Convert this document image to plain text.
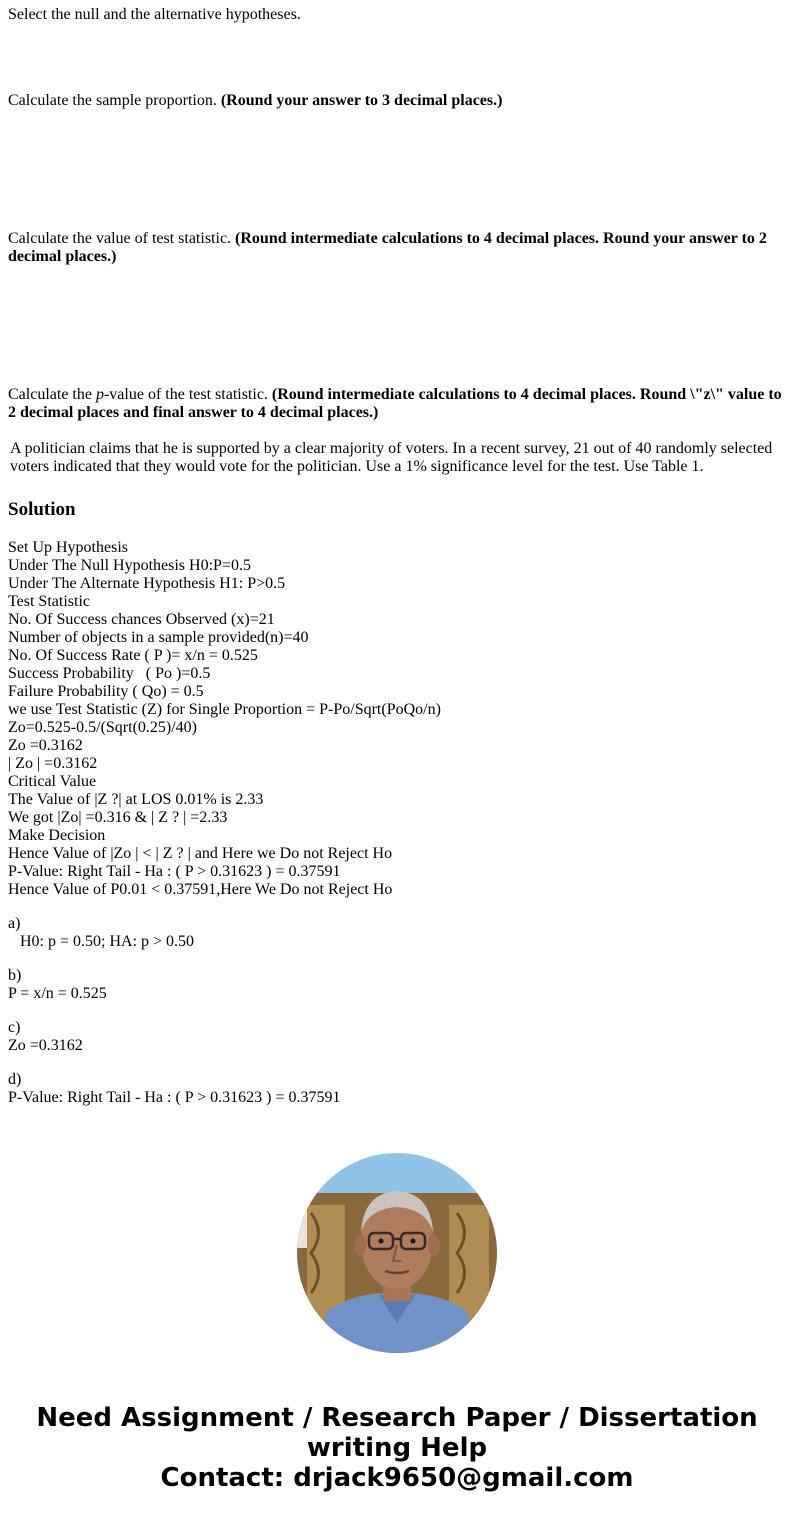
Select the null and the alternative hypotheses.

Calculate the sample proportion. (Round your answer to 3 decimal places.)

Calculate the value of test statistic. (Round intermediate calculations to 4 decimal places. Round your answer to 2 decimal places.)

Calculate the p-value of the test statistic. (Round intermediate calculations to 4 decimal places. Round \"z\" value to 2 decimal places and final answer to 4 decimal places.)

A politician claims that he is supported by a clear majority of voters. In a recent survey, 21 out of 40 randomly selected voters indicated that they would vote for the politician. Use a 1% significance level for the test. Use Table 1.

Solution
Set Up Hypothesis
Under The Null Hypothesis H0:P=0.5
Under The Alternate Hypothesis H1: P>0.5
Test Statistic
No. Of Success chances Observed (x)=21
Number of objects in a sample provided(n)=40
No. Of Success Rate ( P )= x/n = 0.525
Success Probability   ( Po )=0.5
Failure Probability ( Qo) = 0.5
we use Test Statistic (Z) for Single Proportion = P-Po/Sqrt(PoQo/n)
Zo=0.525-0.5/(Sqrt(0.25)/40)
Zo =0.3162
| Zo | =0.3162
Critical Value
The Value of |Z ?| at LOS 0.01% is 2.33
We got |Zo| =0.316 & | Z ? | =2.33
Make Decision
Hence Value of |Zo | < | Z ? | and Here we Do not Reject Ho
P-Value: Right Tail - Ha : ( P > 0.31623 ) = 0.37591
Hence Value of P0.01 < 0.37591,Here We Do not Reject Ho
a)
H0: p = 0.50; HA: p > 0.50
b)
P = x/n = 0.525
c)
Zo =0.3162
d)
P-Value: Right Tail - Ha : ( P > 0.31623 ) = 0.37591
Need Assignment / Research Paper / Dissertation
writing Help
Contact: drjack9650@gmail.com
